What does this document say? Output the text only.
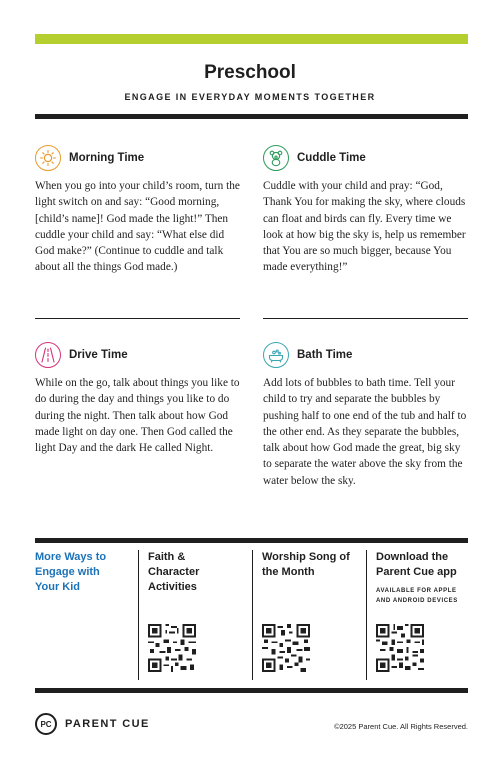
Preschool
ENGAGE IN EVERYDAY MOMENTS TOGETHER
Morning Time
When you go into your child’s room, turn the light switch on and say: “Good morning, [child’s name]! God made the light!” Then cuddle your child and say: “What else did God make?” (Continue to cuddle and talk about all the things God made.)
Cuddle Time
Cuddle with your child and pray: “God, Thank You for making the sky, where clouds can float and birds can fly. Every time we look at how big the sky is, help us remember that You are so much bigger, because You made everything!”
Drive Time
While on the go, talk about things you like to do during the day and things you like to do during the night. Then talk about how God made light on day one. Then God called the light Day and the dark He called Night.
Bath Time
Add lots of bubbles to bath time. Tell your child to try and separate the bubbles by pushing half to one end of the tub and half to the other end. As they separate the bubbles, talk about how God made the great, big sky to separate the water above the sky from the water below the sky.
More Ways to Engage with Your Kid
Faith & Character Activities
Worship Song of the Month
Download the Parent Cue app
AVAILABLE FOR APPLE AND ANDROID DEVICES
PC	PARENT CUE	©2025 Parent Cue. All Rights Reserved.
